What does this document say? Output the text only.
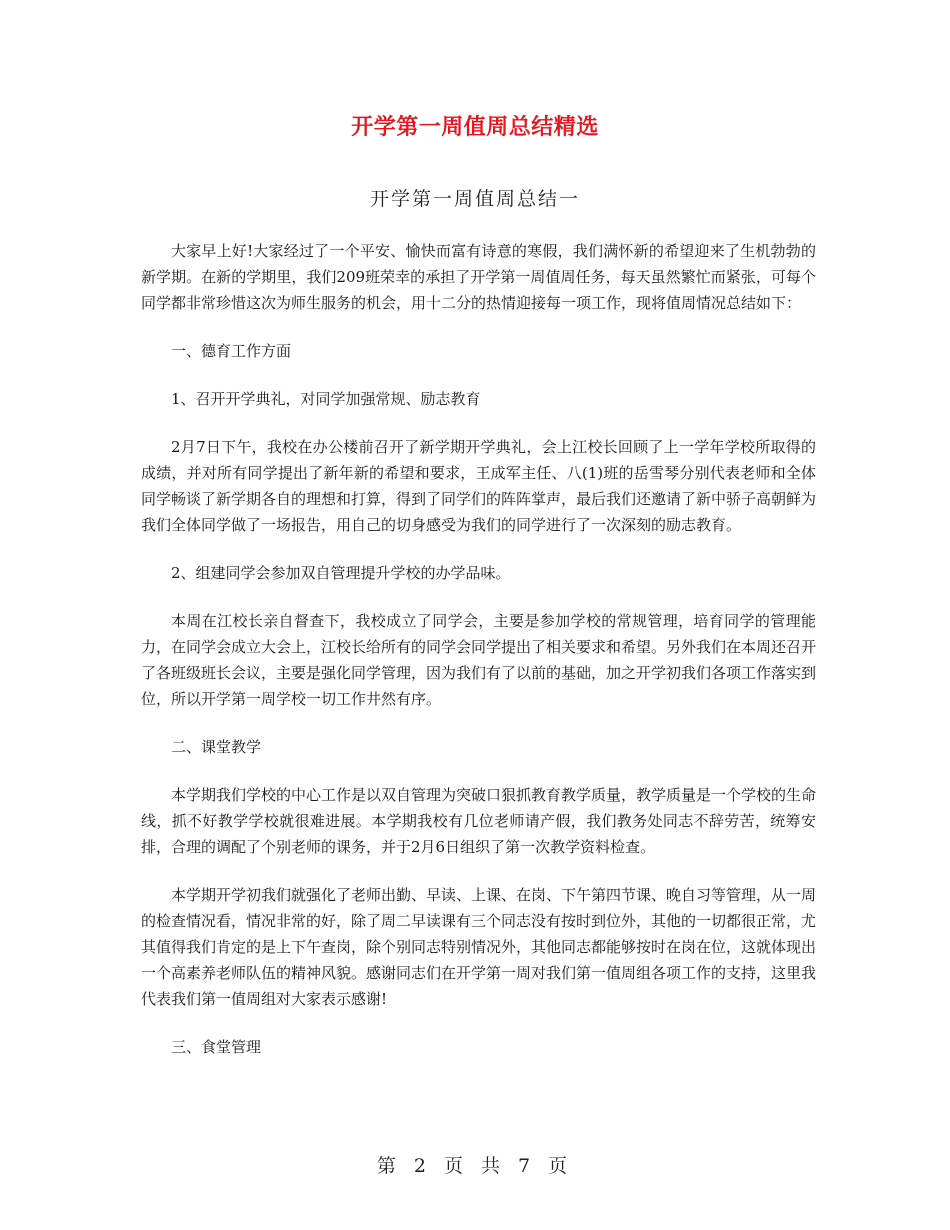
开学第一周值周总结精选
开学第一周值周总结一

大家早上好!大家经过了一个平安、愉快而富有诗意的寒假，我们满怀新的希望迎来了生机勃勃的新学期。在新的学期里，我们209班荣幸的承担了开学第一周值周任务，每天虽然繁忙而紧张，可每个同学都非常珍惜这次为师生服务的机会，用十二分的热情迎接每一项工作，现将值周情况总结如下：

一、德育工作方面

1、召开开学典礼，对同学加强常规、励志教育

2月7日下午，我校在办公楼前召开了新学期开学典礼，会上江校长回顾了上一学年学校所取得的成绩，并对所有同学提出了新年新的希望和要求，王成军主任、八(1)班的岳雪琴分别代表老师和全体同学畅谈了新学期各自的理想和打算，得到了同学们的阵阵掌声，最后我们还邀请了新中骄子高朝鲜为我们全体同学做了一场报告，用自己的切身感受为我们的同学进行了一次深刻的励志教育。

2、组建同学会参加双自管理提升学校的办学品味。

本周在江校长亲自督查下，我校成立了同学会，主要是参加学校的常规管理，培育同学的管理能力，在同学会成立大会上，江校长给所有的同学会同学提出了相关要求和希望。另外我们在本周还召开了各班级班长会议，主要是强化同学管理，因为我们有了以前的基础，加之开学初我们各项工作落实到位，所以开学第一周学校一切工作井然有序。

二、课堂教学

本学期我们学校的中心工作是以双自管理为突破口狠抓教育教学质量，教学质量是一个学校的生命线，抓不好教学学校就很难进展。本学期我校有几位老师请产假，我们教务处同志不辞劳苦，统筹安排，合理的调配了个别老师的课务，并于2月6日组织了第一次教学资料检查。

本学期开学初我们就强化了老师出勤、早读、上课、在岗、下午第四节课、晚自习等管理，从一周的检查情况看，情况非常的好，除了周二早读课有三个同志没有按时到位外，其他的一切都很正常，尤其值得我们肯定的是上下午查岗，除个别同志特别情况外，其他同志都能够按时在岗在位，这就体现出一个高素养老师队伍的精神风貌。感谢同志们在开学第一周对我们第一值周组各项工作的支持，这里我代表我们第一值周组对大家表示感谢!

三、食堂管理

第 2 页 共 7 页
